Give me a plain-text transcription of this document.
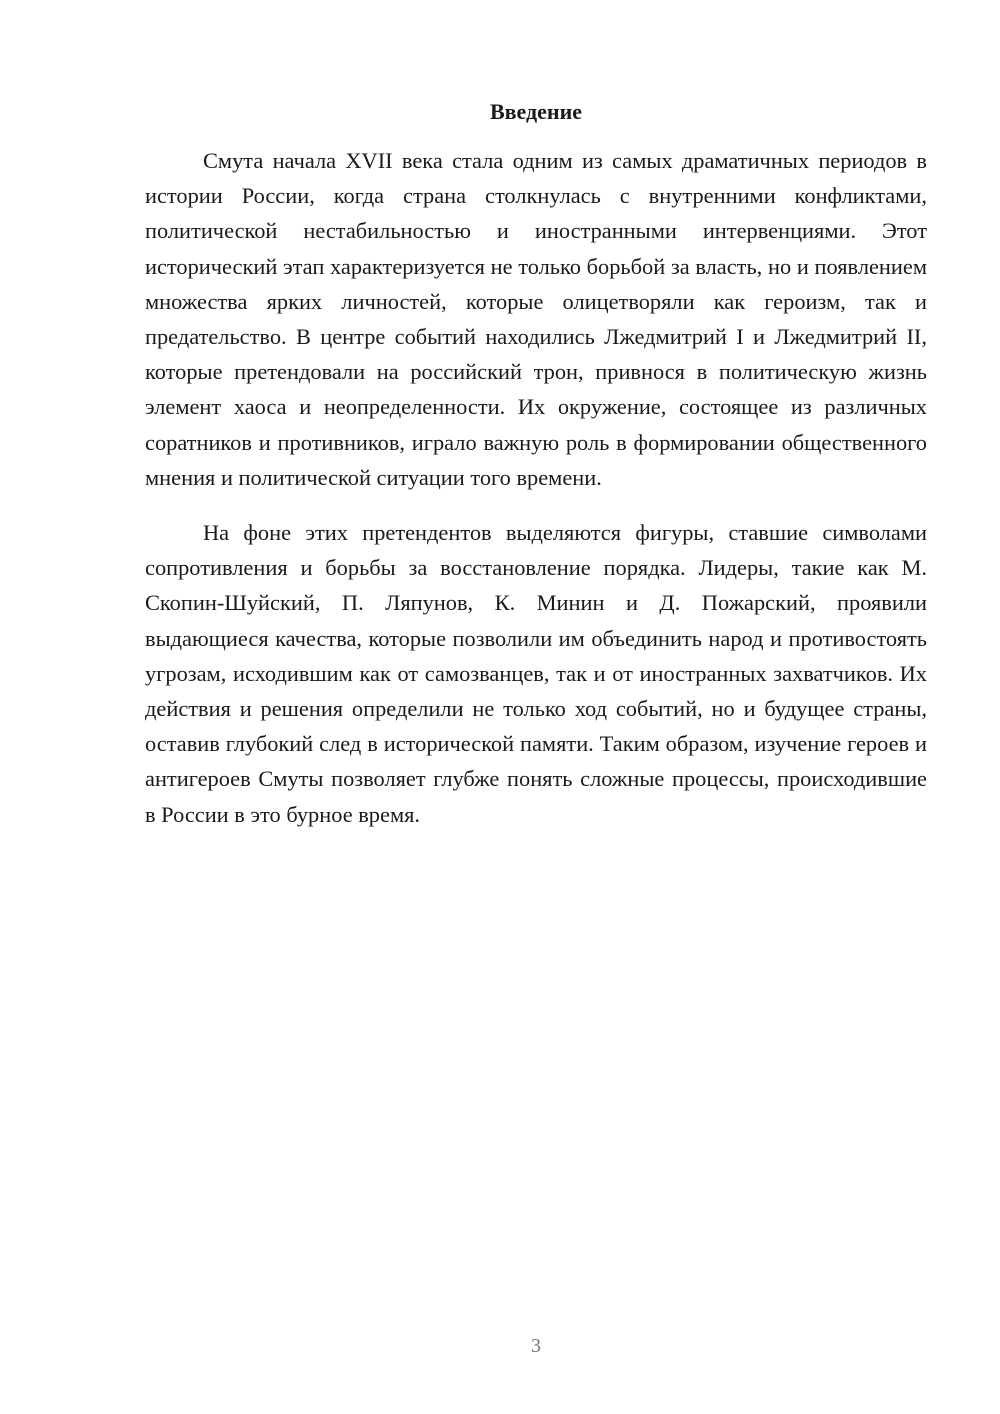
Введение

Смута начала XVII века стала одним из самых драматичных периодов в истории России, когда страна столкнулась с внутренними конфликтами, политической нестабильностью и иностранными интервенциями. Этот исторический этап характеризуется не только борьбой за власть, но и появлением множества ярких личностей, которые олицетворяли как героизм, так и предательство. В центре событий находились Лжедмитрий I и Лжедмитрий II, которые претендовали на российский трон, привнося в политическую жизнь элемент хаоса и неопределенности. Их окружение, состоящее из различных соратников и противников, играло важную роль в формировании общественного мнения и политической ситуации того времени.

На фоне этих претендентов выделяются фигуры, ставшие символами сопротивления и борьбы за восстановление порядка. Лидеры, такие как М. Скопин-Шуйский, П. Ляпунов, К. Минин и Д. Пожарский, проявили выдающиеся качества, которые позволили им объединить народ и противостоять угрозам, исходившим как от самозванцев, так и от иностранных захватчиков. Их действия и решения определили не только ход событий, но и будущее страны, оставив глубокий след в исторической памяти. Таким образом, изучение героев и антигероев Смуты позволяет глубже понять сложные процессы, происходившие в России в это бурное время.

3
